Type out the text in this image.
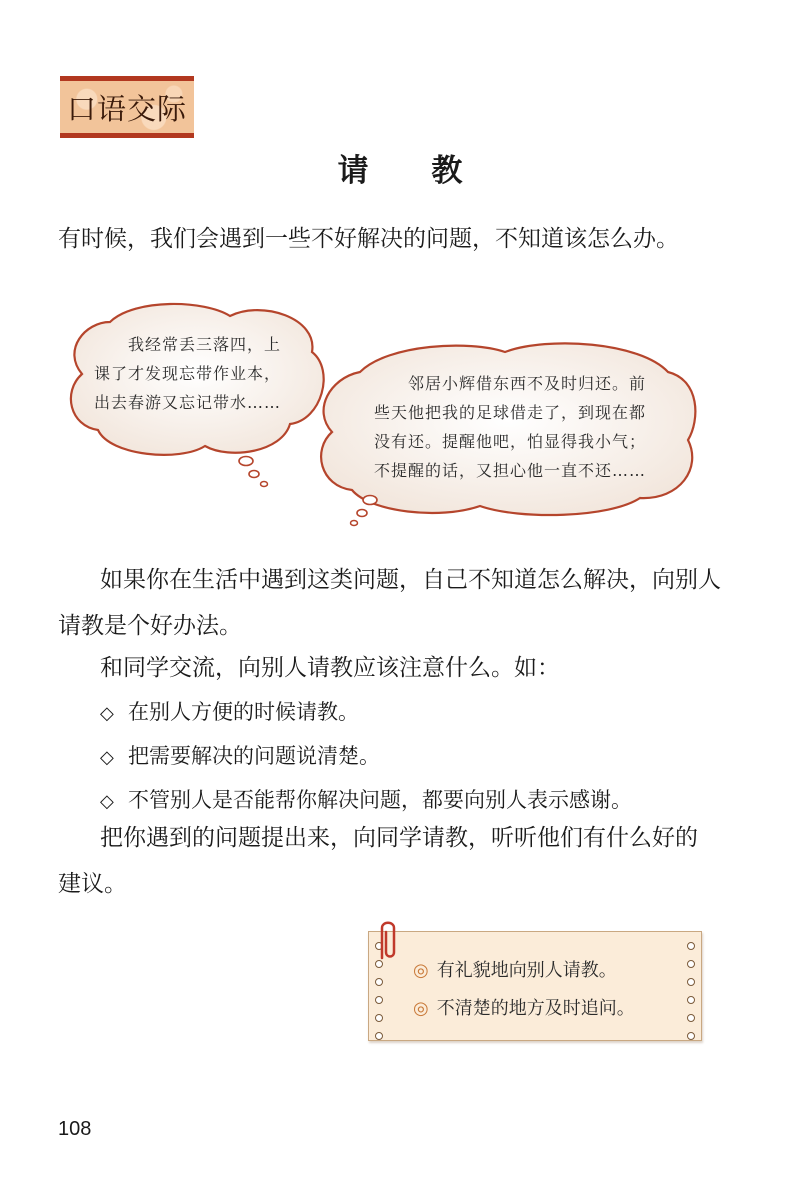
口语交际
请 教
有时候，我们会遇到一些不好解决的问题，不知道该怎么办。
我经常丢三落四，上
课了才发现忘带作业本，
出去春游又忘记带水……
邻居小辉借东西不及时归还。前
些天他把我的足球借走了，到现在都
没有还。提醒他吧，怕显得我小气；
不提醒的话，又担心他一直不还……
如果你在生活中遇到这类问题，自己不知道怎么解决，向别人
请教是个好办法。
和同学交流，向别人请教应该注意什么。如：
◇ 在别人方便的时候请教。
◇ 把需要解决的问题说清楚。
◇ 不管别人是否能帮你解决问题，都要向别人表示感谢。
把你遇到的问题提出来，向同学请教，听听他们有什么好的
建议。
◎ 有礼貌地向别人请教。
◎ 不清楚的地方及时追问。
108
